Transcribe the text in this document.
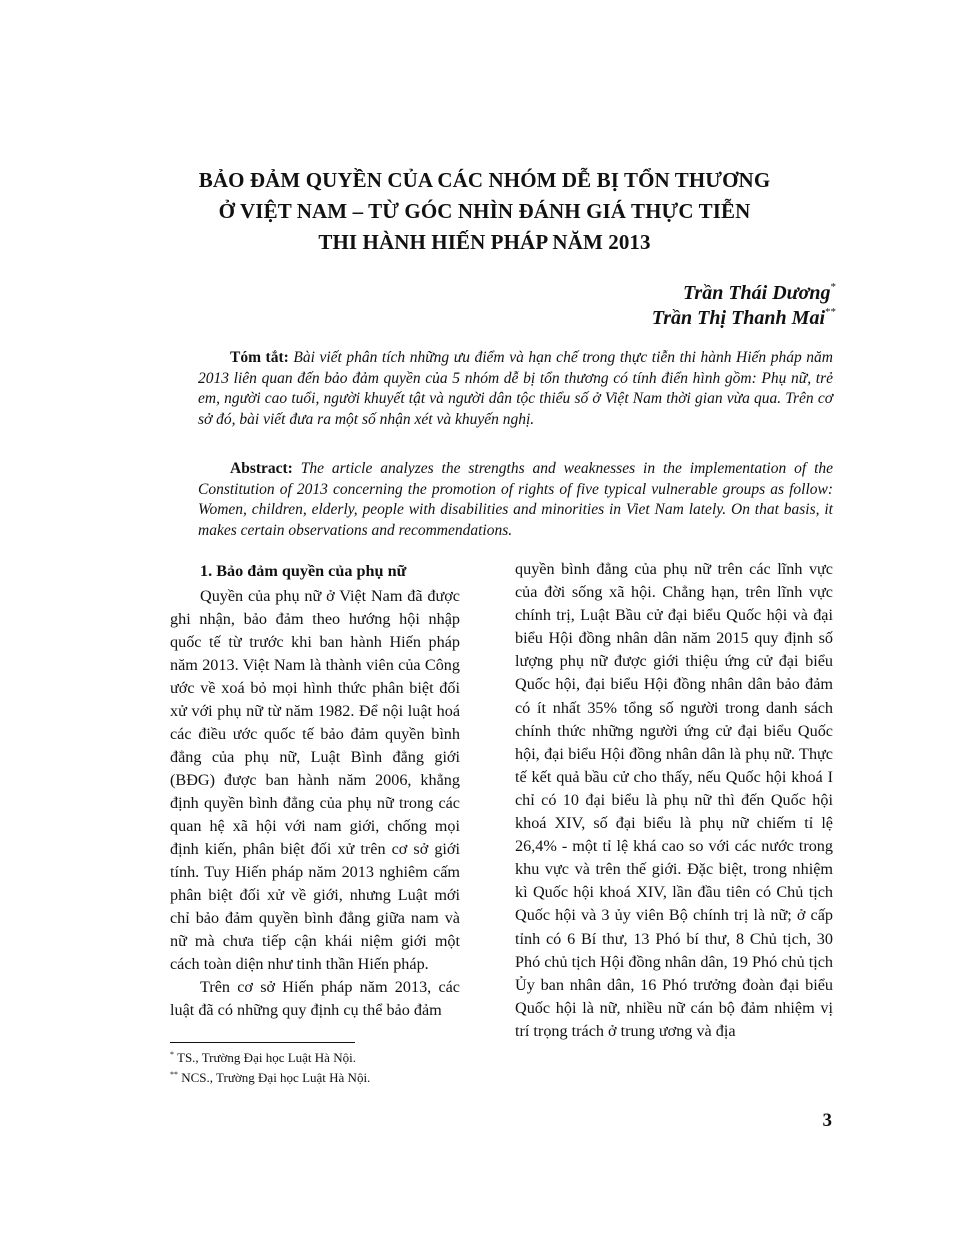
BẢO ĐẢM QUYỀN CỦA CÁC NHÓM DỄ BỊ TỔN THƯƠNG
Ở VIỆT NAM – TỪ GÓC NHÌN ĐÁNH GIÁ THỰC TIỄN
THI HÀNH HIẾN PHÁP NĂM 2013
Trần Thái Dương*
Trần Thị Thanh Mai**

Tóm tắt: Bài viết phân tích những ưu điểm và hạn chế trong thực tiễn thi hành Hiến pháp năm 2013 liên quan đến bảo đảm quyền của 5 nhóm dễ bị tổn thương có tính điển hình gồm: Phụ nữ, trẻ em, người cao tuổi, người khuyết tật và người dân tộc thiểu số ở Việt Nam thời gian vừa qua. Trên cơ sở đó, bài viết đưa ra một số nhận xét và khuyến nghị.

Abstract: The article analyzes the strengths and weaknesses in the implementation of the Constitution of 2013 concerning the promotion of rights of five typical vulnerable groups as follow: Women, children, elderly, people with disabilities and minorities in Viet Nam lately. On that basis, it makes certain observations and recommendations.

1. Bảo đảm quyền của phụ nữ

Quyền của phụ nữ ở Việt Nam đã được ghi nhận, bảo đảm theo hướng hội nhập quốc tế từ trước khi ban hành Hiến pháp năm 2013. Việt Nam là thành viên của Công ước về xoá bỏ mọi hình thức phân biệt đối xử với phụ nữ từ năm 1982. Để nội luật hoá các điều ước quốc tế bảo đảm quyền bình đẳng của phụ nữ, Luật Bình đẳng giới (BĐG) được ban hành năm 2006, khẳng định quyền bình đẳng của phụ nữ trong các quan hệ xã hội với nam giới, chống mọi định kiến, phân biệt đối xử trên cơ sở giới tính. Tuy Hiến pháp năm 2013 nghiêm cấm phân biệt đối xử về giới, nhưng Luật mới chỉ bảo đảm quyền bình đẳng giữa nam và nữ mà chưa tiếp cận khái niệm giới một cách toàn diện như tinh thần Hiến pháp.

Trên cơ sở Hiến pháp năm 2013, các luật đã có những quy định cụ thể bảo đảm

quyền bình đẳng của phụ nữ trên các lĩnh vực của đời sống xã hội. Chẳng hạn, trên lĩnh vực chính trị, Luật Bầu cử đại biểu Quốc hội và đại biểu Hội đồng nhân dân năm 2015 quy định số lượng phụ nữ được giới thiệu ứng cử đại biểu Quốc hội, đại biểu Hội đồng nhân dân bảo đảm có ít nhất 35% tổng số người trong danh sách chính thức những người ứng cử đại biểu Quốc hội, đại biểu Hội đồng nhân dân là phụ nữ. Thực tế kết quả bầu cử cho thấy, nếu Quốc hội khoá I chỉ có 10 đại biểu là phụ nữ thì đến Quốc hội khoá XIV, số đại biểu là phụ nữ chiếm tỉ lệ 26,4% - một tỉ lệ khá cao so với các nước trong khu vực và trên thế giới. Đặc biệt, trong nhiệm kì Quốc hội khoá XIV, lần đầu tiên có Chủ tịch Quốc hội và 3 ủy viên Bộ chính trị là nữ; ở cấp tỉnh có 6 Bí thư, 13 Phó bí thư, 8 Chủ tịch, 30 Phó chủ tịch Hội đồng nhân dân, 19 Phó chủ tịch Ủy ban nhân dân, 16 Phó trưởng đoàn đại biểu Quốc hội là nữ, nhiều nữ cán bộ đảm nhiệm vị trí trọng trách ở trung ương và địa

* TS., Trường Đại học Luật Hà Nội.
** NCS., Trường Đại học Luật Hà Nội.
3
